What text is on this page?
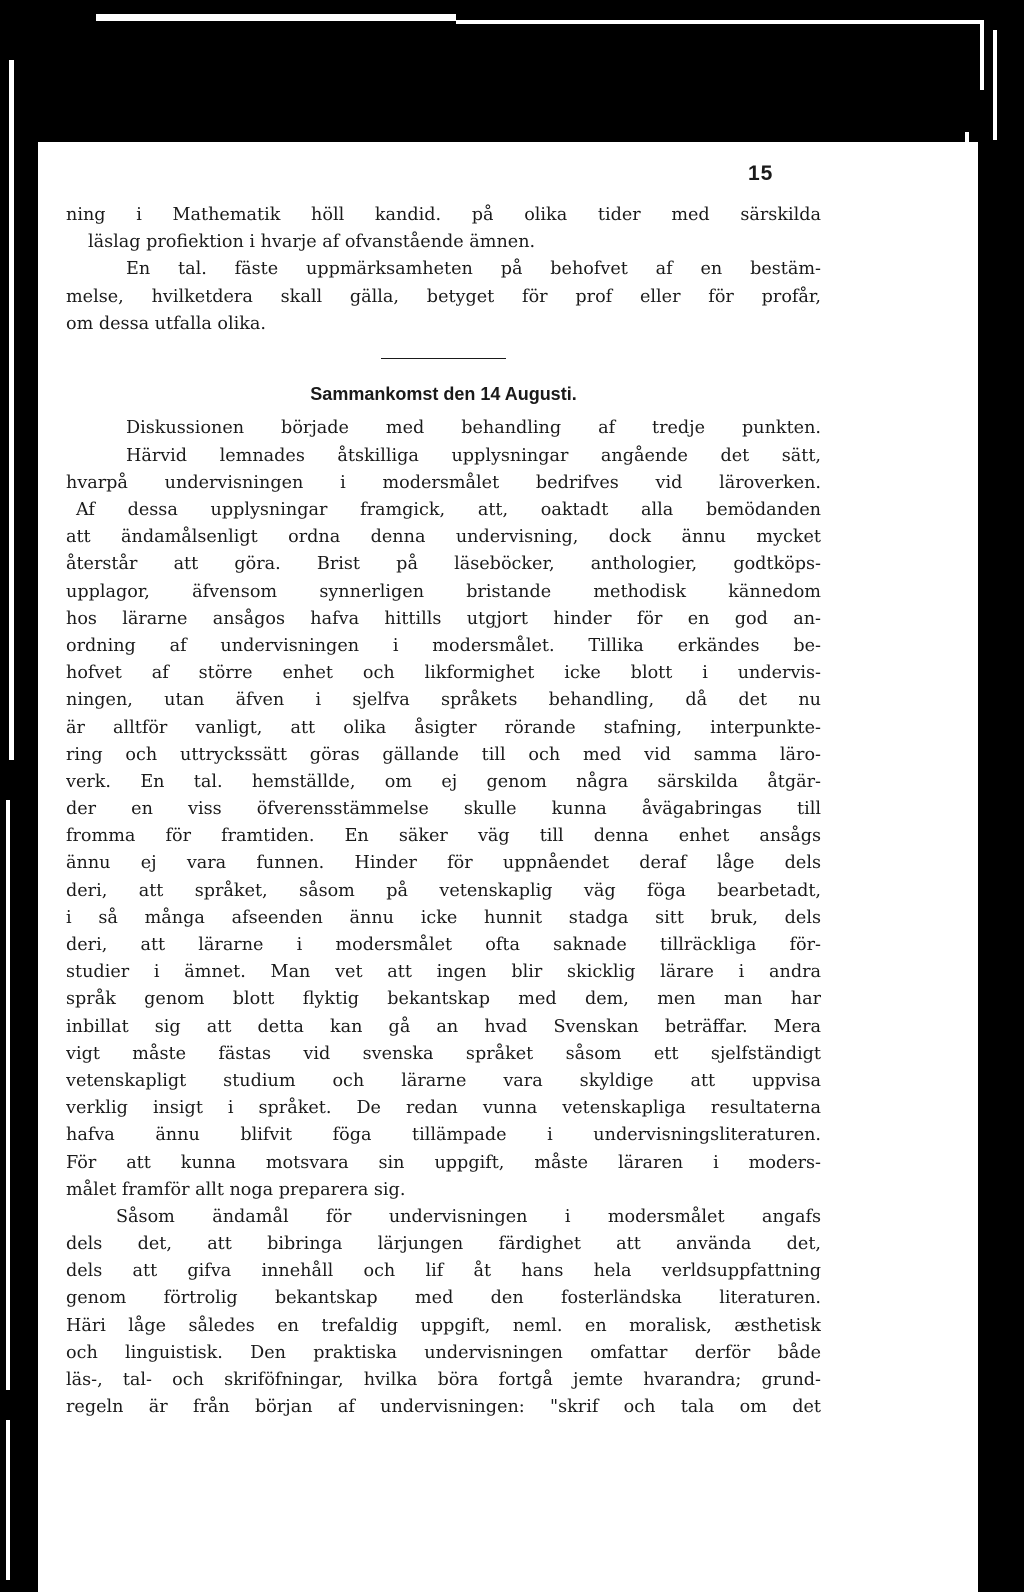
15
ning i Mathematik höll kandid. på olika tider med särskilda
läslag profiektion i hvarje af ofvanstående ämnen.
En tal. fäste uppmärksamheten på behofvet af en bestäm-
melse, hvilketdera skall gälla, betyget för prof eller för profår,
om dessa utfalla olika.
Sammankomst den 14 Augusti.
Diskussionen började med behandling af tredje punkten.
Härvid lemnades åtskilliga upplysningar angående det sätt,
hvarpå undervisningen i modersmålet bedrifves vid läroverken.
Af dessa upplysningar framgick, att, oaktadt alla bemödanden
att ändamålsenligt ordna denna undervisning, dock ännu mycket
återstår att göra. Brist på läseböcker, anthologier, godtköps-
upplagor, äfvensom synnerligen bristande methodisk kännedom
hos lärarne ansågos hafva hittills utgjort hinder för en god an-
ordning af undervisningen i modersmålet. Tillika erkändes be-
hofvet af större enhet och likformighet icke blott i undervis-
ningen, utan äfven i sjelfva språkets behandling, då det nu
är alltför vanligt, att olika åsigter rörande stafning, interpunkte-
ring och uttryckssätt göras gällande till och med vid samma läro-
verk. En tal. hemställde, om ej genom några särskilda åtgär-
der en viss öfverensstämmelse skulle kunna åvägabringas till
fromma för framtiden. En säker väg till denna enhet ansågs
ännu ej vara funnen. Hinder för uppnåendet deraf låge dels
deri, att språket, såsom på vetenskaplig väg föga bearbetadt,
i så många afseenden ännu icke hunnit stadga sitt bruk, dels
deri, att lärarne i modersmålet ofta saknade tillräckliga för-
studier i ämnet. Man vet att ingen blir skicklig lärare i andra
språk genom blott flyktig bekantskap med dem, men man har
inbillat sig att detta kan gå an hvad Svenskan beträffar. Mera
vigt måste fästas vid svenska språket såsom ett sjelfständigt
vetenskapligt studium och lärarne vara skyldige att uppvisa
verklig insigt i språket. De redan vunna vetenskapliga resultaterna
hafva ännu blifvit föga tillämpade i undervisningsliteraturen.
För att kunna motsvara sin uppgift, måste läraren i moders-
målet framför allt noga preparera sig.
Såsom ändamål för undervisningen i modersmålet angafs
dels det, att bibringa lärjungen färdighet att använda det,
dels att gifva innehåll och lif åt hans hela verldsuppfattning
genom förtrolig bekantskap med den fosterländska literaturen.
Häri låge således en trefaldig uppgift, neml. en moralisk, æsthetisk
och linguistisk. Den praktiska undervisningen omfattar derför både
läs-, tal- och skriföfningar, hvilka böra fortgå jemte hvarandra; grund-
regeln är från början af undervisningen: "skrif och tala om det
